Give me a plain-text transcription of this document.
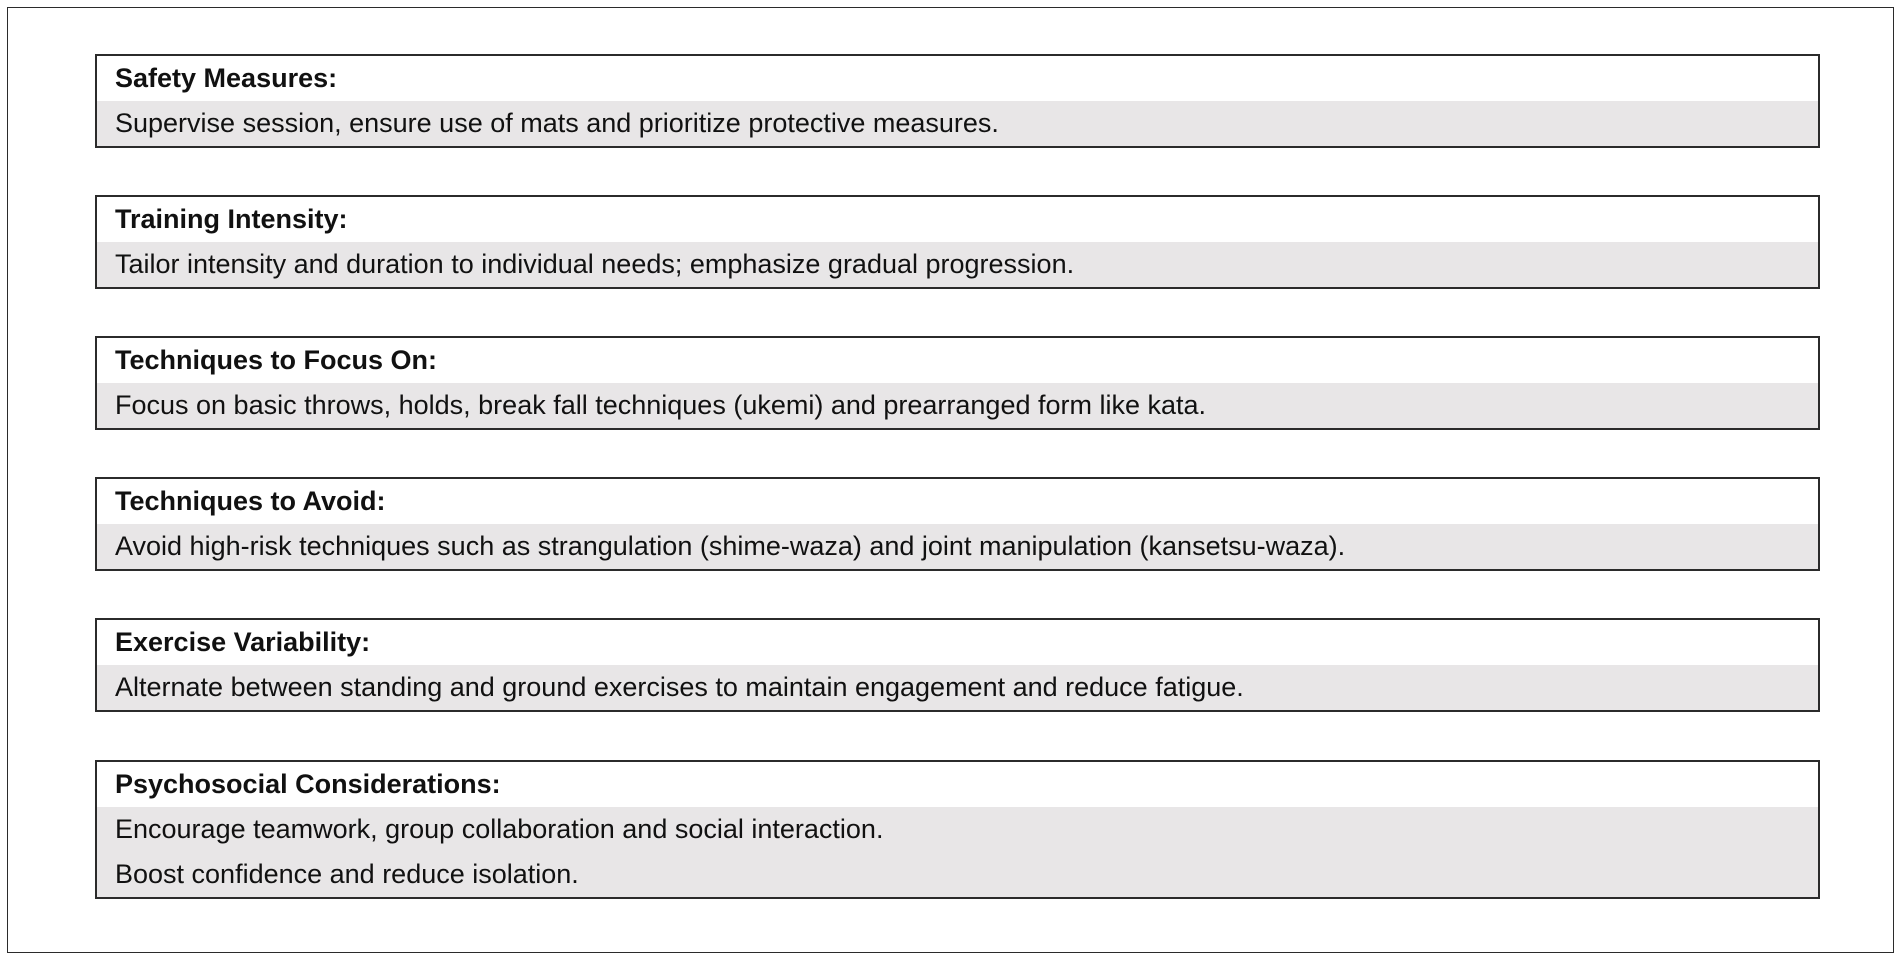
Safety Measures:
Supervise session, ensure use of mats and prioritize protective measures.
Training Intensity:
Tailor intensity and duration to individual needs; emphasize gradual progression.
Techniques to Focus On:
Focus on basic throws, holds, break fall techniques (ukemi) and prearranged form like kata.
Techniques to Avoid:
Avoid high-risk techniques such as strangulation (shime-waza) and joint manipulation (kansetsu-waza).
Exercise Variability:
Alternate between standing and ground exercises to maintain engagement and reduce fatigue.
Psychosocial Considerations:
Encourage teamwork, group collaboration and social interaction.
Boost confidence and reduce isolation.
